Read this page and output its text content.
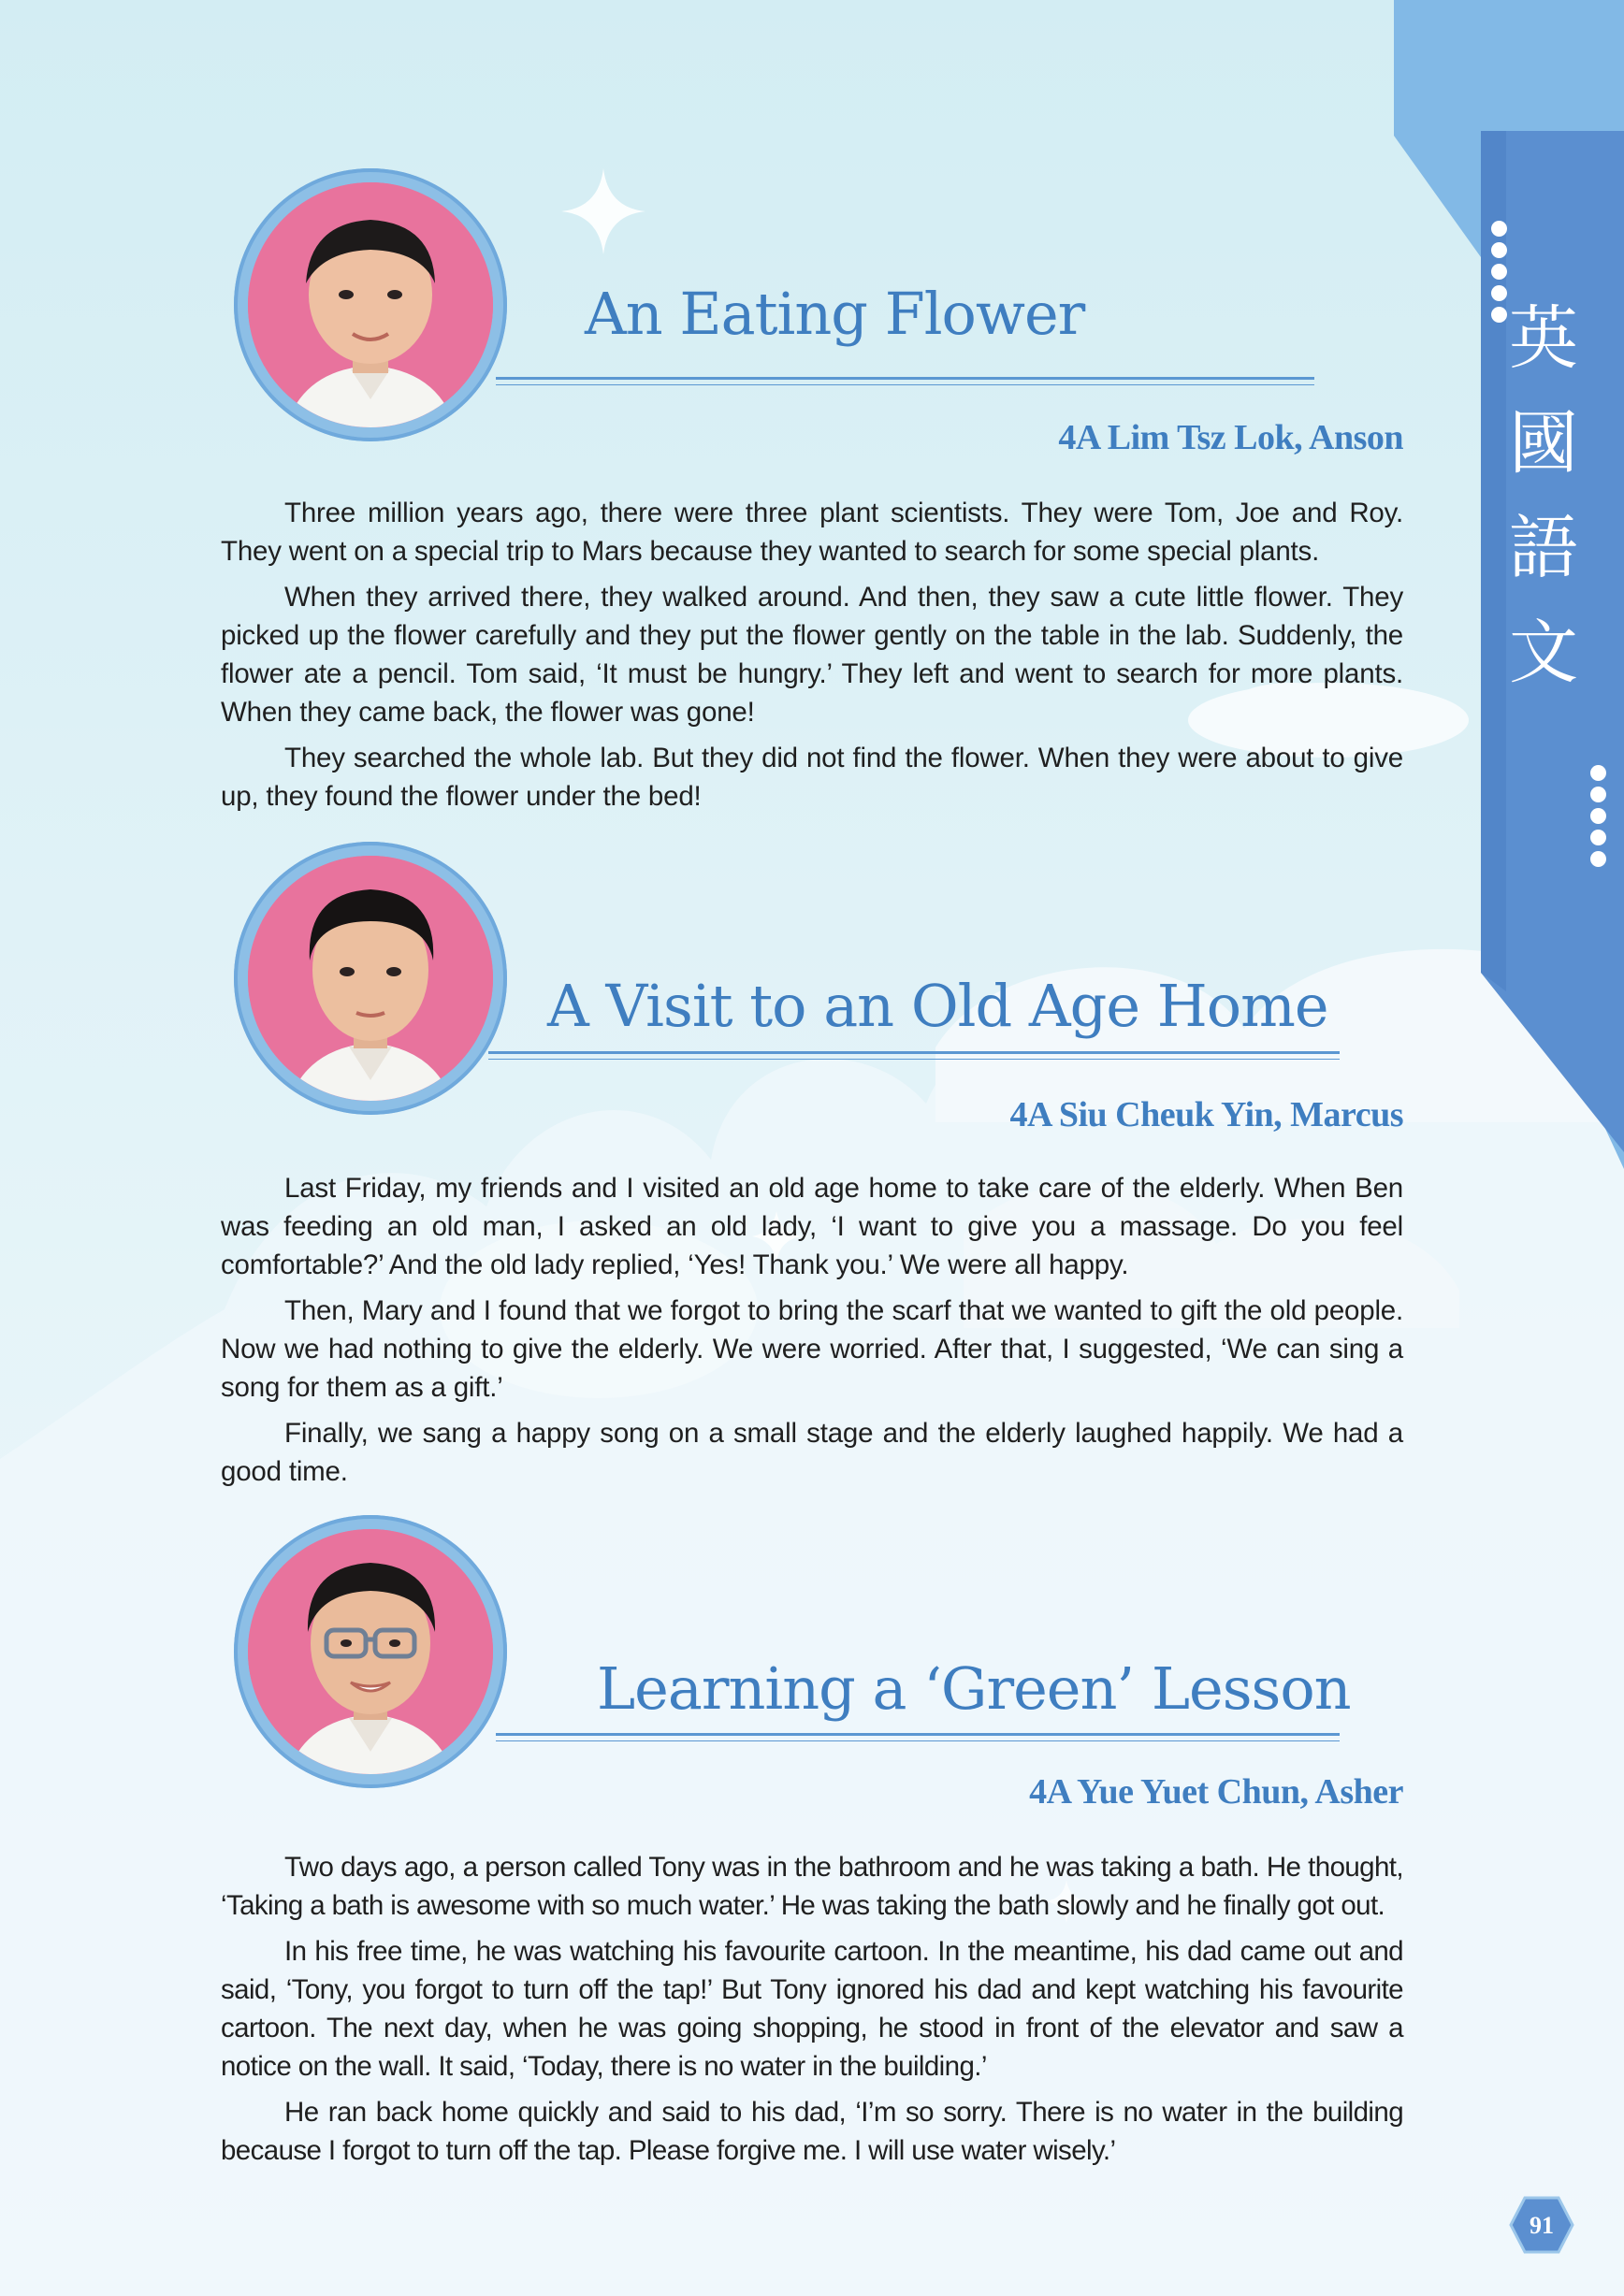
英
國
語
文
An Eating Flower

4A Lim Tsz Lok, Anson

Three million years ago, there were three plant scientists. They were Tom, Joe and Roy. They went on a special trip to Mars because they wanted to search for some special plants.

When they arrived there, they walked around. And then, they saw a cute little flower. They picked up the flower carefully and they put the flower gently on the table in the lab. Suddenly, the flower ate a pencil. Tom said, ‘It must be hungry.’ They left and went to search for more plants. When they came back, the flower was gone!

They searched the whole lab. But they did not find the flower. When they were about to give up, they found the flower under the bed!

A Visit to an Old Age Home

4A Siu Cheuk Yin, Marcus

Last Friday, my friends and I visited an old age home to take care of the elderly. When Ben was feeding an old man, I asked an old lady, ‘I want to give you a massage. Do you feel comfortable?’ And the old lady replied, ‘Yes! Thank you.’ We were all happy.

Then, Mary and I found that we forgot to bring the scarf that we wanted to gift the old people. Now we had nothing to give the elderly. We were worried. After that, I suggested, ‘We can sing a song for them as a gift.’

Finally, we sang a happy song on a small stage and the elderly laughed happily. We had a good time.

Learning a ‘Green’ Lesson

4A Yue Yuet Chun, Asher

Two days ago, a person called Tony was in the bathroom and he was taking a bath. He thought, ‘Taking a bath is awesome with so much water.’ He was taking the bath slowly and he finally got out.

In his free time, he was watching his favourite cartoon. In the meantime, his dad came out and said, ‘Tony, you forgot to turn off the tap!’ But Tony ignored his dad and kept watching his favourite cartoon. The next day, when he was going shopping, he stood in front of the elevator and saw a notice on the wall. It said, ‘Today, there is no water in the building.’

He ran back home quickly and said to his dad, ‘I’m so sorry. There is no water in the building because I forgot to turn off the tap. Please forgive me. I will use water wisely.’

91
